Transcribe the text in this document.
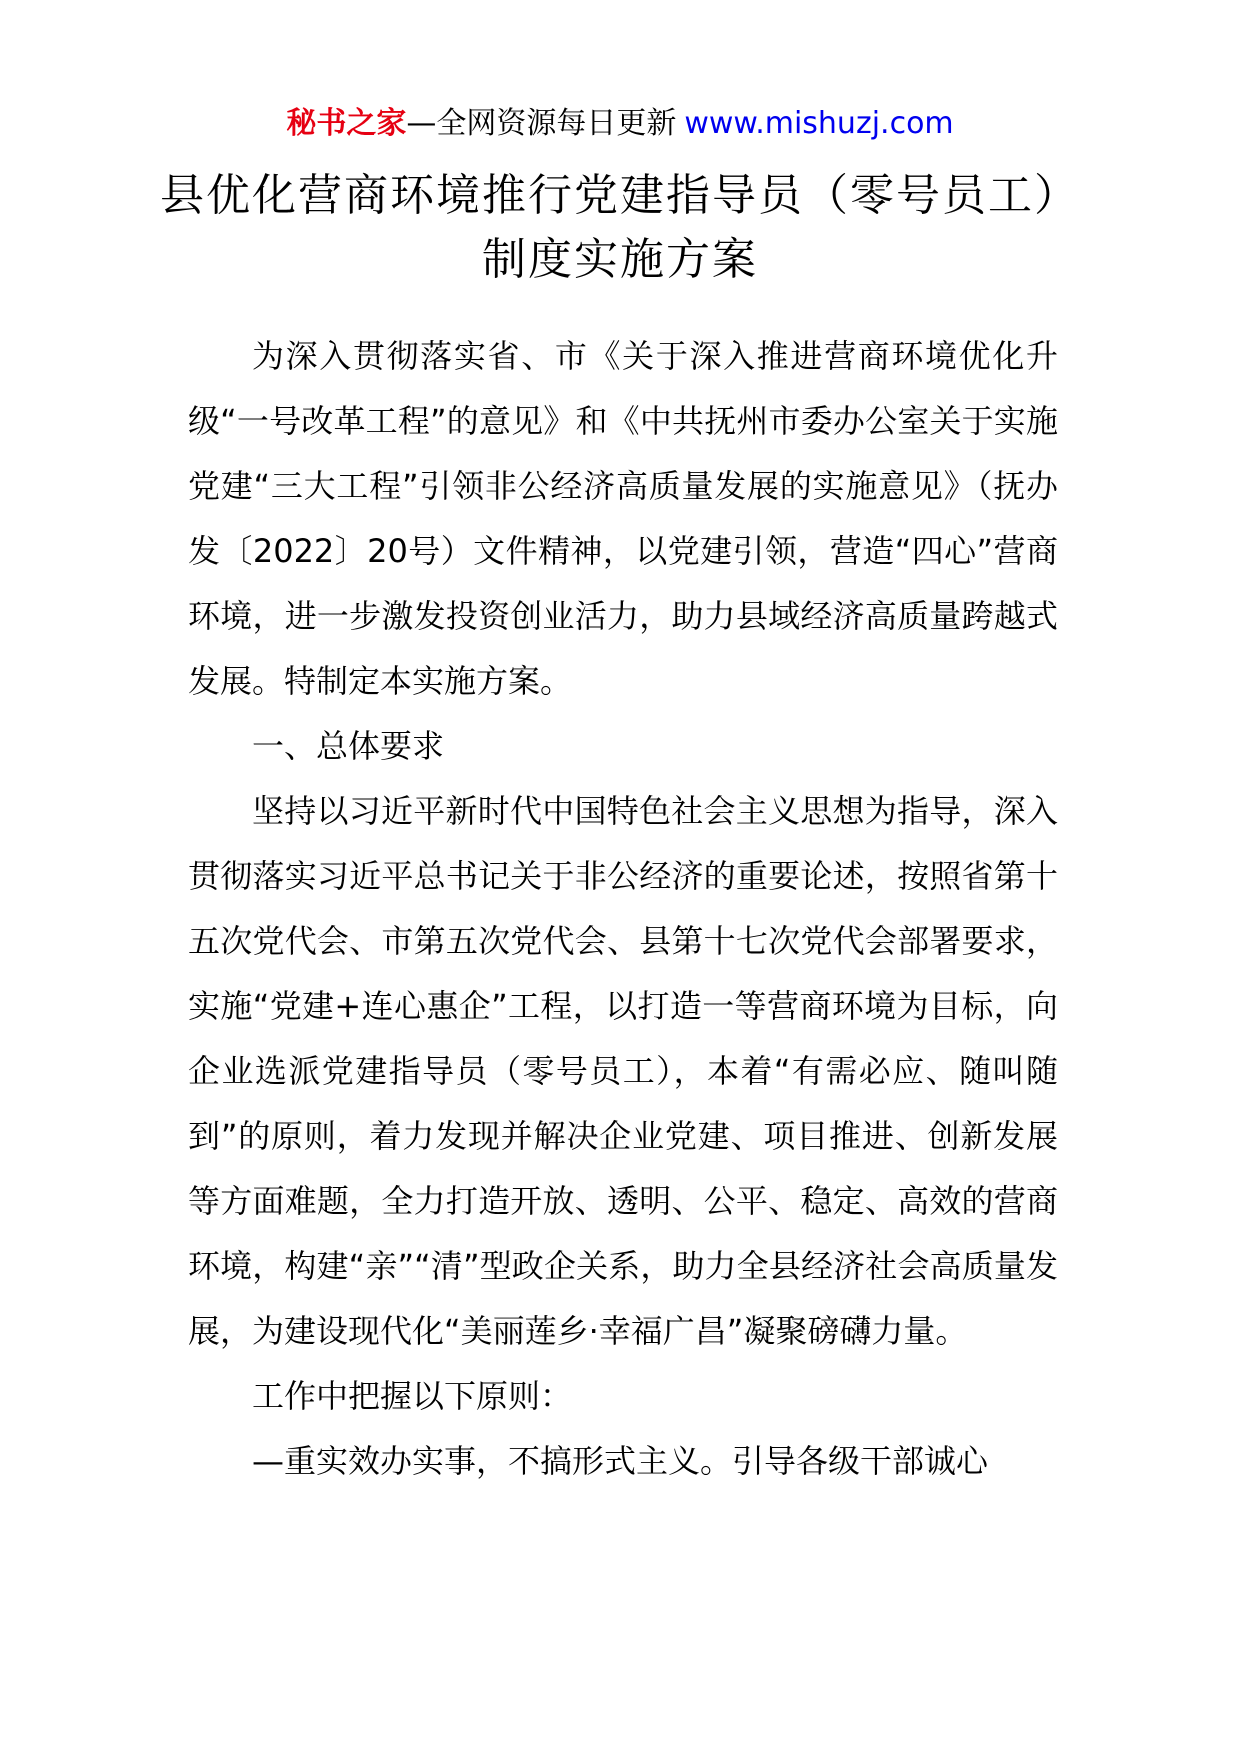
秘书之家—全网资源每日更新 www.mishuzj.com
县优化营商环境推行党建指导员（零号员工）制度实施方案

为深入贯彻落实省、市《关于深入推进营商环境优化升级“一号改革工程”的意见》和《中共抚州市委办公室关于实施党建“三大工程”引领非公经济高质量发展的实施意见》（抚办发〔2022〕20号）文件精神，以党建引领，营造“四心”营商环境，进一步激发投资创业活力，助力县域经济高质量跨越式发展。特制定本实施方案。

一、总体要求

坚持以习近平新时代中国特色社会主义思想为指导，深入贯彻落实习近平总书记关于非公经济的重要论述，按照省第十五次党代会、市第五次党代会、县第十七次党代会部署要求，实施“党建+连心惠企”工程，以打造一等营商环境为目标，向企业选派党建指导员（零号员工），本着“有需必应、随叫随到”的原则，着力发现并解决企业党建、项目推进、创新发展等方面难题，全力打造开放、透明、公平、稳定、高效的营商环境，构建“亲”“清”型政企关系，助力全县经济社会高质量发展，为建设现代化“美丽莲乡·幸福广昌”凝聚磅礴力量。

工作中把握以下原则：

—重实效办实事，不搞形式主义。引导各级干部诚心
